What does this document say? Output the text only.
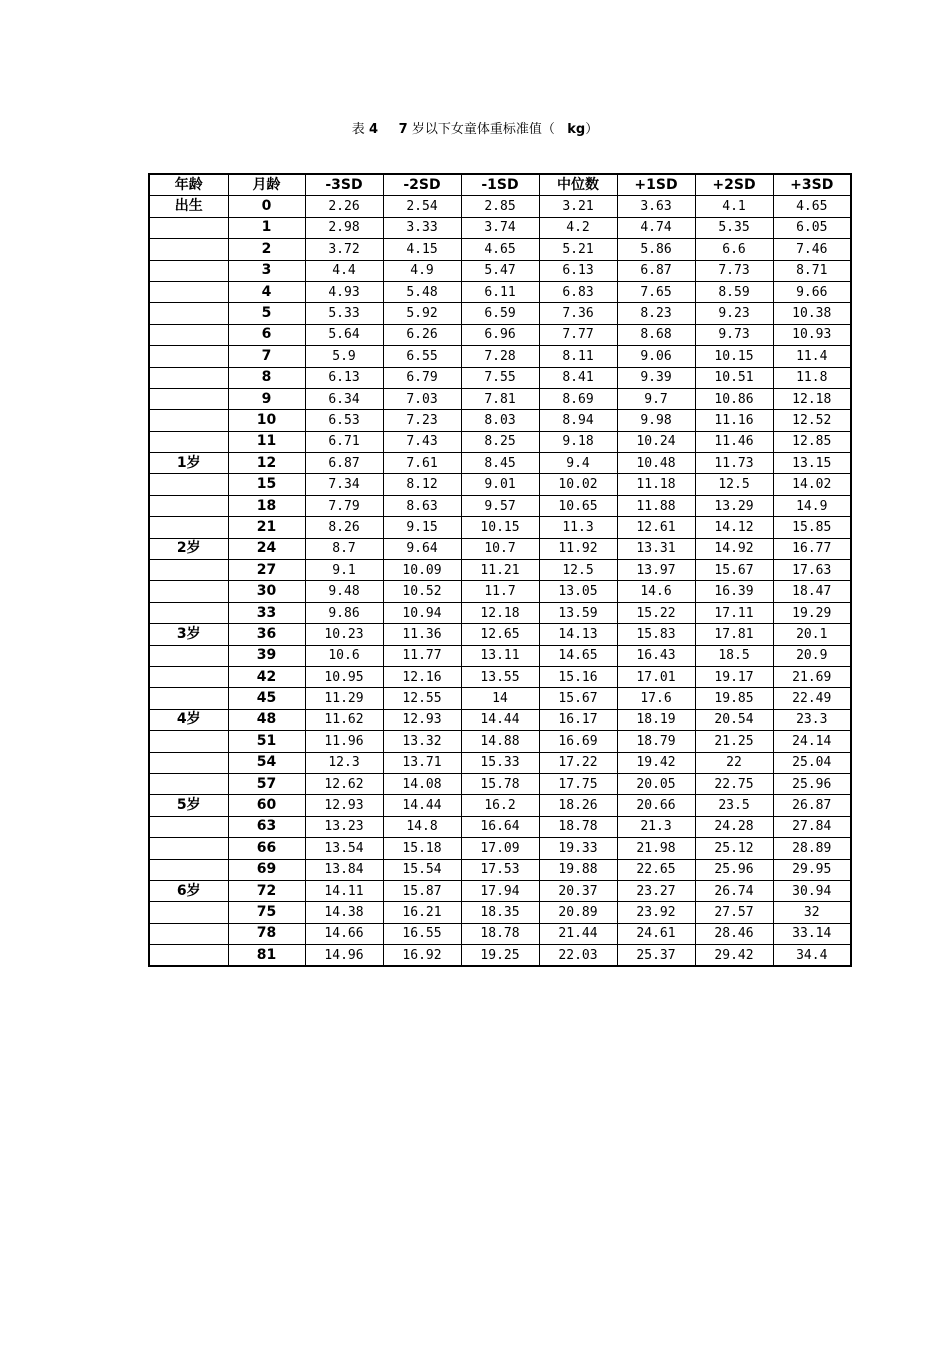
表 4 7 岁以下女童体重标准值（   kg）
年龄	月龄	-3SD	-2SD	-1SD	中位数	+1SD	+2SD	+3SD
出生	0	2.26	2.54	2.85	3.21	3.63	4.1	4.65
	1	2.98	3.33	3.74	4.2	4.74	5.35	6.05
	2	3.72	4.15	4.65	5.21	5.86	6.6	7.46
	3	4.4	4.9	5.47	6.13	6.87	7.73	8.71
	4	4.93	5.48	6.11	6.83	7.65	8.59	9.66
	5	5.33	5.92	6.59	7.36	8.23	9.23	10.38
	6	5.64	6.26	6.96	7.77	8.68	9.73	10.93
	7	5.9	6.55	7.28	8.11	9.06	10.15	11.4
	8	6.13	6.79	7.55	8.41	9.39	10.51	11.8
	9	6.34	7.03	7.81	8.69	9.7	10.86	12.18
	10	6.53	7.23	8.03	8.94	9.98	11.16	12.52
	11	6.71	7.43	8.25	9.18	10.24	11.46	12.85
1岁	12	6.87	7.61	8.45	9.4	10.48	11.73	13.15
	15	7.34	8.12	9.01	10.02	11.18	12.5	14.02
	18	7.79	8.63	9.57	10.65	11.88	13.29	14.9
	21	8.26	9.15	10.15	11.3	12.61	14.12	15.85
2岁	24	8.7	9.64	10.7	11.92	13.31	14.92	16.77
	27	9.1	10.09	11.21	12.5	13.97	15.67	17.63
	30	9.48	10.52	11.7	13.05	14.6	16.39	18.47
	33	9.86	10.94	12.18	13.59	15.22	17.11	19.29
3岁	36	10.23	11.36	12.65	14.13	15.83	17.81	20.1
	39	10.6	11.77	13.11	14.65	16.43	18.5	20.9
	42	10.95	12.16	13.55	15.16	17.01	19.17	21.69
	45	11.29	12.55	14	15.67	17.6	19.85	22.49
4岁	48	11.62	12.93	14.44	16.17	18.19	20.54	23.3
	51	11.96	13.32	14.88	16.69	18.79	21.25	24.14
	54	12.3	13.71	15.33	17.22	19.42	22	25.04
	57	12.62	14.08	15.78	17.75	20.05	22.75	25.96
5岁	60	12.93	14.44	16.2	18.26	20.66	23.5	26.87
	63	13.23	14.8	16.64	18.78	21.3	24.28	27.84
	66	13.54	15.18	17.09	19.33	21.98	25.12	28.89
	69	13.84	15.54	17.53	19.88	22.65	25.96	29.95
6岁	72	14.11	15.87	17.94	20.37	23.27	26.74	30.94
	75	14.38	16.21	18.35	20.89	23.92	27.57	32
	78	14.66	16.55	18.78	21.44	24.61	28.46	33.14
	81	14.96	16.92	19.25	22.03	25.37	29.42	34.4
